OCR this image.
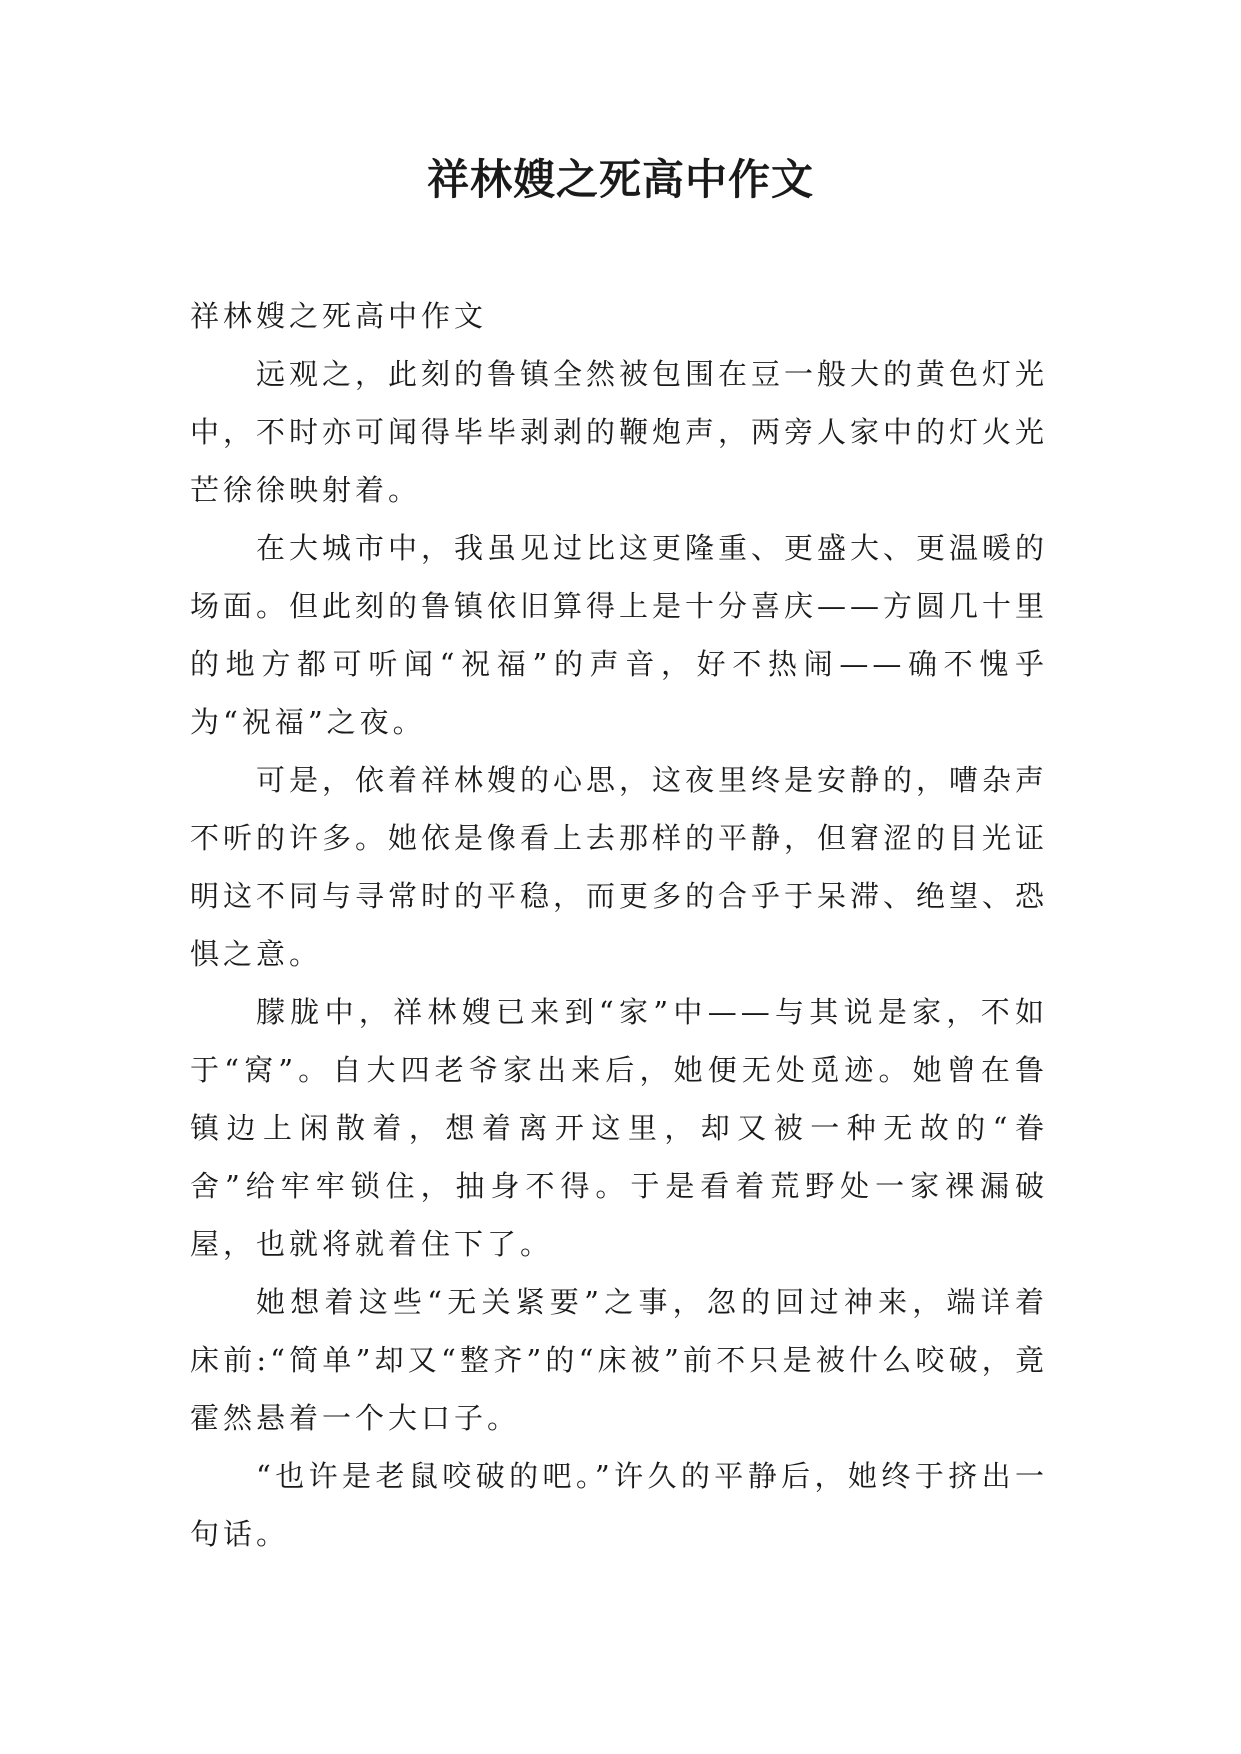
祥林嫂之死高中作文

祥林嫂之死高中作文

远观之，此刻的鲁镇全然被包围在豆一般大的黄色灯光中，不时亦可闻得毕毕剥剥的鞭炮声，两旁人家中的灯火光芒徐徐映射着。

在大城市中，我虽见过比这更隆重、更盛大、更温暖的场面。但此刻的鲁镇依旧算得上是十分喜庆——方圆几十里的地方都可听闻“祝福”的声音，好不热闹——确不愧乎为“祝福”之夜。

可是，依着祥林嫂的心思，这夜里终是安静的，嘈杂声不听的许多。她依是像看上去那样的平静，但窘涩的目光证明这不同与寻常时的平稳，而更多的合乎于呆滞、绝望、恐惧之意。

朦胧中，祥林嫂已来到“家”中——与其说是家，不如于“窝”。自大四老爷家出来后，她便无处觅迹。她曾在鲁镇边上闲散着，想着离开这里，却又被一种无故的“眷舍”给牢牢锁住，抽身不得。于是看着荒野处一家裸漏破屋，也就将就着住下了。

她想着这些“无关紧要”之事，忽的回过神来，端详着床前:“简单”却又“整齐”的“床被”前不只是被什么咬破，竟霍然悬着一个大口子。

“也许是老鼠咬破的吧。”许久的平静后，她终于挤出一句话。
